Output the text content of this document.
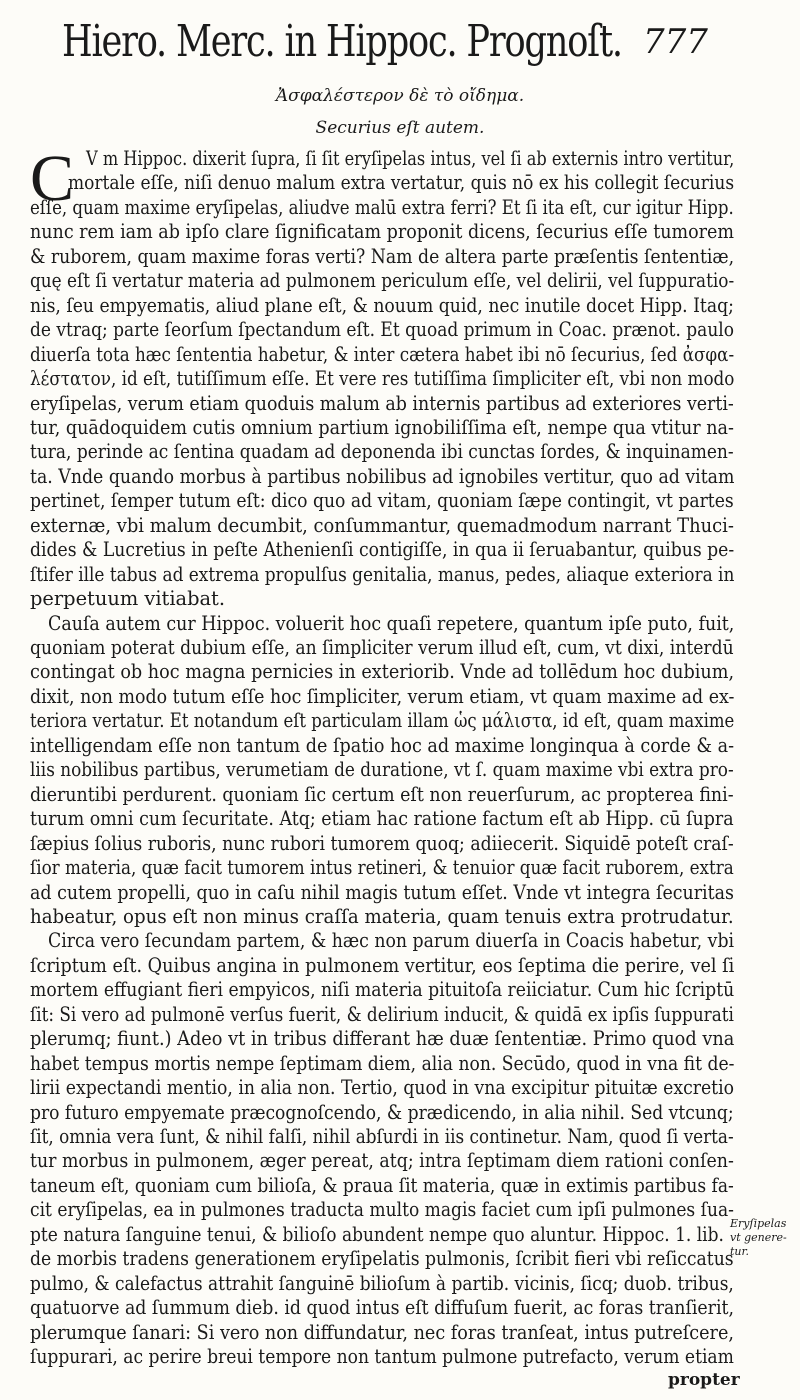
Hiero. Merc. in Hippoc. Prognoſt. 777
Ἀσφαλέστερον δὲ τὸ οἴδημα.
Securius eſt autem.
C V m Hippoc. dixerit ſupra, ſi ſit eryſipelas intus, vel ſi ab externis intro vertitur,
mortale eſſe, niſi denuo malum extra vertatur, quis nō ex his collegit ſecurius
eſſe, quam maxime eryſipelas, aliudve malū extra ferri? Et ſi ita eſt, cur igitur Hipp.
nunc rem iam ab ipſo clare ſignificatam proponit dicens, ſecurius eſſe tumorem
& ruborem, quam maxime foras verti? Nam de altera parte præſentis ſententiæ,
quę eſt ſi vertatur materia ad pulmonem periculum eſſe, vel delirii, vel ſuppuratio-
nis, ſeu empyematis, aliud plane eſt, & nouum quid, nec inutile docet Hipp. Itaq;
de vtraq; parte ſeorſum ſpectandum eſt. Et quoad primum in Coac. prænot. paulo
diuerſa tota hæc ſententia habetur, & inter cætera habet ibi nō ſecurius, ſed ἀσφα-
λέστατον, id eſt, tutiſſimum eſſe. Et vere res tutiſſima ſimpliciter eſt, vbi non modo
eryſipelas, verum etiam quoduis malum ab internis partibus ad exteriores verti-
tur, quādoquidem cutis omnium partium ignobiliſſima eſt, nempe qua vtitur na-
tura, perinde ac ſentina quadam ad deponenda ibi cunctas ſordes, & inquinamen-
ta. Vnde quando morbus à partibus nobilibus ad ignobiles vertitur, quo ad vitam
pertinet, ſemper tutum eſt: dico quo ad vitam, quoniam ſæpe contingit, vt partes
externæ, vbi malum decumbit, conſummantur, quemadmodum narrant Thuci-
dides & Lucretius in peſte Athenienſi contigiſſe, in qua ii ſeruabantur, quibus pe-
ſtifer ille tabus ad extrema propulſus genitalia, manus, pedes, aliaque exteriora in
perpetuum vitiabat.
Cauſa autem cur Hippoc. voluerit hoc quaſi repetere, quantum ipſe puto, fuit,
quoniam poterat dubium eſſe, an ſimpliciter verum illud eſt, cum, vt dixi, interdū
contingat ob hoc magna pernicies in exteriorib. Vnde ad tollēdum hoc dubium,
dixit, non modo tutum eſſe hoc ſimpliciter, verum etiam, vt quam maxime ad ex-
teriora vertatur. Et notandum eſt particulam illam ὡς μάλιστα, id eſt, quam maxime
intelligendam eſſe non tantum de ſpatio hoc ad maxime longinqua à corde & a-
liis nobilibus partibus, verumetiam de duratione, vt ſ. quam maxime vbi extra pro-
dieruntibi perdurent. quoniam ſic certum eſt non reuerſurum, ac propterea fini-
turum omni cum ſecuritate. Atq; etiam hac ratione factum eſt ab Hipp. cū ſupra
ſæpius ſolius ruboris, nunc rubori tumorem quoq; adiiecerit. Siquidē poteſt craſ-
ſior materia, quæ facit tumorem intus retineri, & tenuior quæ facit ruborem, extra
ad cutem propelli, quo in caſu nihil magis tutum eſſet. Vnde vt integra ſecuritas
habeatur, opus eſt non minus craſſa materia, quam tenuis extra protrudatur.
Circa vero ſecundam partem, & hæc non parum diuerſa in Coacis habetur, vbi
ſcriptum eſt. Quibus angina in pulmonem vertitur, eos ſeptima die perire, vel ſi
mortem effugiant fieri empyicos, niſi materia pituitoſa reiiciatur. Cum hic ſcriptū
ſit: Si vero ad pulmonē verſus fuerit, & delirium inducit, & quidā ex ipſis ſuppurati
plerumq; fiunt.) Adeo vt in tribus differant hæ duæ ſententiæ. Primo quod vna
habet tempus mortis nempe ſeptimam diem, alia non. Secūdo, quod in vna fit de-
lirii expectandi mentio, in alia non. Tertio, quod in vna excipitur pituitæ excretio
pro futuro empyemate præcognoſcendo, & prædicendo, in alia nihil. Sed vtcunq;
ſit, omnia vera ſunt, & nihil falſi, nihil abſurdi in iis continetur. Nam, quod ſi verta-
tur morbus in pulmonem, æger pereat, atq; intra ſeptimam diem rationi conſen-
taneum eſt, quoniam cum bilioſa, & praua ſit materia, quæ in extimis partibus fa-
cit eryſipelas, ea in pulmones traducta multo magis faciet cum ipſi pulmones ſua-
pte natura ſanguine tenui, & bilioſo abundent nempe quo aluntur. Hippoc. 1. lib.
de morbis tradens generationem eryſipelatis pulmonis, ſcribit fieri vbi reſiccatus
pulmo, & calefactus attrahit ſanguinē bilioſum à partib. vicinis, ſicq; duob. tribus,
quatuorve ad ſummum dieb. id quod intus eſt diffuſum fuerit, ac foras tranſierit,
plerumque ſanari: Si vero non diffundatur, nec foras tranſeat, intus putreſcere,
ſuppurari, ac perire breui tempore non tantum pulmone putrefacto, verum etiam
Eryſipelas vt genere- tur.
propter
